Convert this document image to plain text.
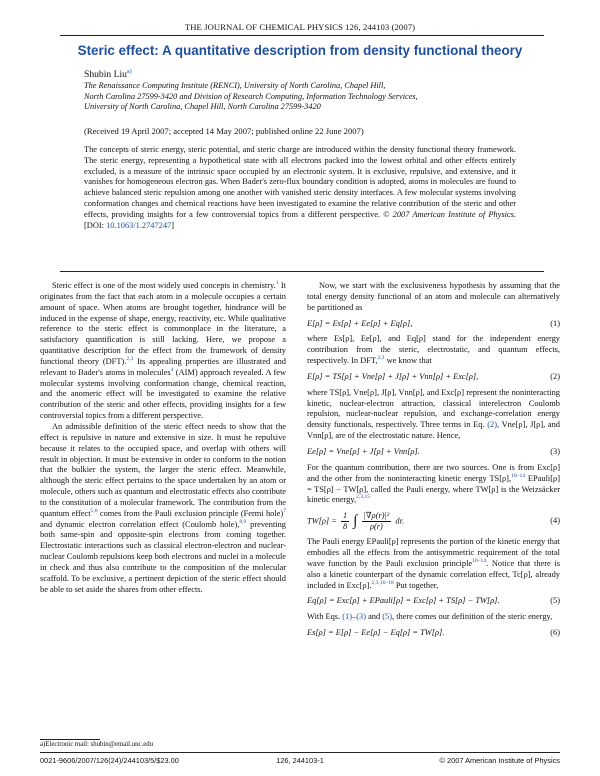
THE JOURNAL OF CHEMICAL PHYSICS 126, 244103 (2007)
Steric effect: A quantitative description from density functional theory
Shubin Liu$^{a)}$
The Renaissance Computing Institute (RENCI), University of North Carolina, Chapel Hill,
North Carolina 27599-3420 and Division of Research Computing, Information Technology Services,
University of North Carolina, Chapel Hill, North Carolina 27599-3420
(Received 19 April 2007; accepted 14 May 2007; published online 22 June 2007)
The concepts of steric energy, steric potential, and steric charge are introduced within the density functional theory framework. The steric energy, representing a hypothetical state with all electrons packed into the lowest orbital and other effects entirely excluded, is a measure of the intrinsic space occupied by an electronic system. It is exclusive, repulsive, and extensive, and it vanishes for homogeneous electron gas. When Bader's zero-flux boundary condition is adopted, atoms in molecules are found to achieve balanced steric repulsion among one another with vanished steric density interfaces. A few molecular systems involving conformation changes and chemical reactions have been investigated to examine the relative contribution of the steric and other effects, providing insights for a few controversial topics from a different perspective. © 2007 American Institute of Physics. [DOI: 10.1063/1.2747247]

Steric effect is one of the most widely used concepts in chemistry.$^1$ It originates from the fact that each atom in a molecule occupies a certain amount of space. When atoms are brought together, hindrance will be induced in the expense of shape, energy, reactivity, etc. While qualitative reference to the steric effect is commonplace in the literature, a satisfactory quantification is still lacking. Here, we propose a quantitative description for the effect from the framework of density functional theory (DFT).$^{2,3}$ Its appealing properties are illustrated and relevant to Bader's atoms in molecules$^4$ (AIM) approach revealed. A few molecular systems involving conformation change, chemical reaction, and the anomeric effect will be investigated to examine the relative contribution of the steric and other effects, providing insights for a few controversial topics from a different perspective.

An admissible definition of the steric effect needs to show that the effect is repulsive in nature and extensive in size. It must be repulsive because it relates to the occupied space, and overlap with others will result in objection. It must be extensive in order to conform to the notion that the bulkier the system, the larger the steric effect. Meanwhile, although the steric effect pertains to the space undertaken by an atom or molecule, others such as quantum and electrostatic effects also contribute to the constitution of a molecular framework. The contribution from the quantum effect$^{5,6}$ comes from the Pauli exclusion principle (Fermi hole)$^7$ and dynamic electron correlation effect (Coulomb hole),$^{8,9}$ preventing both same-spin and opposite-spin electrons from coming together. Electrostatic interactions such as classical electron-electron and nuclear-nuclear Coulomb repulsions keep both electrons and nuclei in a molecule in check and thus also contribute to the composition of the molecular scaffold. To be exclusive, a pertinent depiction of the steric effect should be able to set aside the shares from other effects.

Now, we start with the exclusiveness hypothesis by assuming that the total energy density functional of an atom and molecule can alternatively be partitioned as

E[ρ] = Es[ρ] + Ee[ρ] + Eq[ρ],	(1)

where Es[ρ], Ee[ρ], and Eq[ρ] stand for the independent energy contribution from the steric, electrostatic, and quantum effects, respectively. In DFT,$^{2,3}$ we know that

E[ρ] = TS[ρ] + Vne[ρ] + J[ρ] + Vnn[ρ] + Exc[ρ],	(2)

where TS[ρ], Vne[ρ], J[ρ], Vnn[ρ], and Exc[ρ] represent the noninteracting kinetic, nuclear-electron attraction, classical interelectron Coulomb repulsion, nuclear-nuclear repulsion, and exchange-correlation energy density functionals, respectively. Three terms in Eq. (2), Vne[ρ], J[ρ], and Vnn[ρ], are of the electrostatic nature. Hence,

Ee[ρ] = Vne[ρ] + J[ρ] + Vnn[ρ].	(3)

For the quantum contribution, there are two sources. One is from Exc[ρ] and the other from the noninteracting kinetic energy TS[ρ],$^{10-14}$ EPauli[ρ] = TS[ρ] − TW[ρ], called the Pauli energy, where TW[ρ] is the Weizsäcker kinetic energy,$^{2,3,15}$

$TW[\rho] = \frac{1}{8}$ ∫ $\frac{\text{|∇ρ(r)|²}}{\rho(r)}$ dr.	(4)

The Pauli energy EPauli[ρ] represents the portion of the kinetic energy that embodies all the effects from the antisymmetric requirement of the total wave function by the Pauli exclusion principle$^{10-14}$. Notice that there is also a kinetic counterpart of the dynamic correlation effect, Tc[ρ], already included in Exc[ρ].$^{2,3,16-18}$ Put together,

Eq[ρ] = Exc[ρ] + EPauli[ρ] = Exc[ρ] + TS[ρ] − TW[ρ].	(5)

With Eqs. (1)–(3) and (5), there comes our definition of the steric energy,

Es[ρ] = E[ρ] − Ee[ρ] − Eq[ρ] = TW[ρ].	(6)
a)Electronic mail: shubin@email.unc.edu
0021-9606/2007/126(24)/244103/5/$23.00	126, 244103-1	© 2007 American Institute of Physics
